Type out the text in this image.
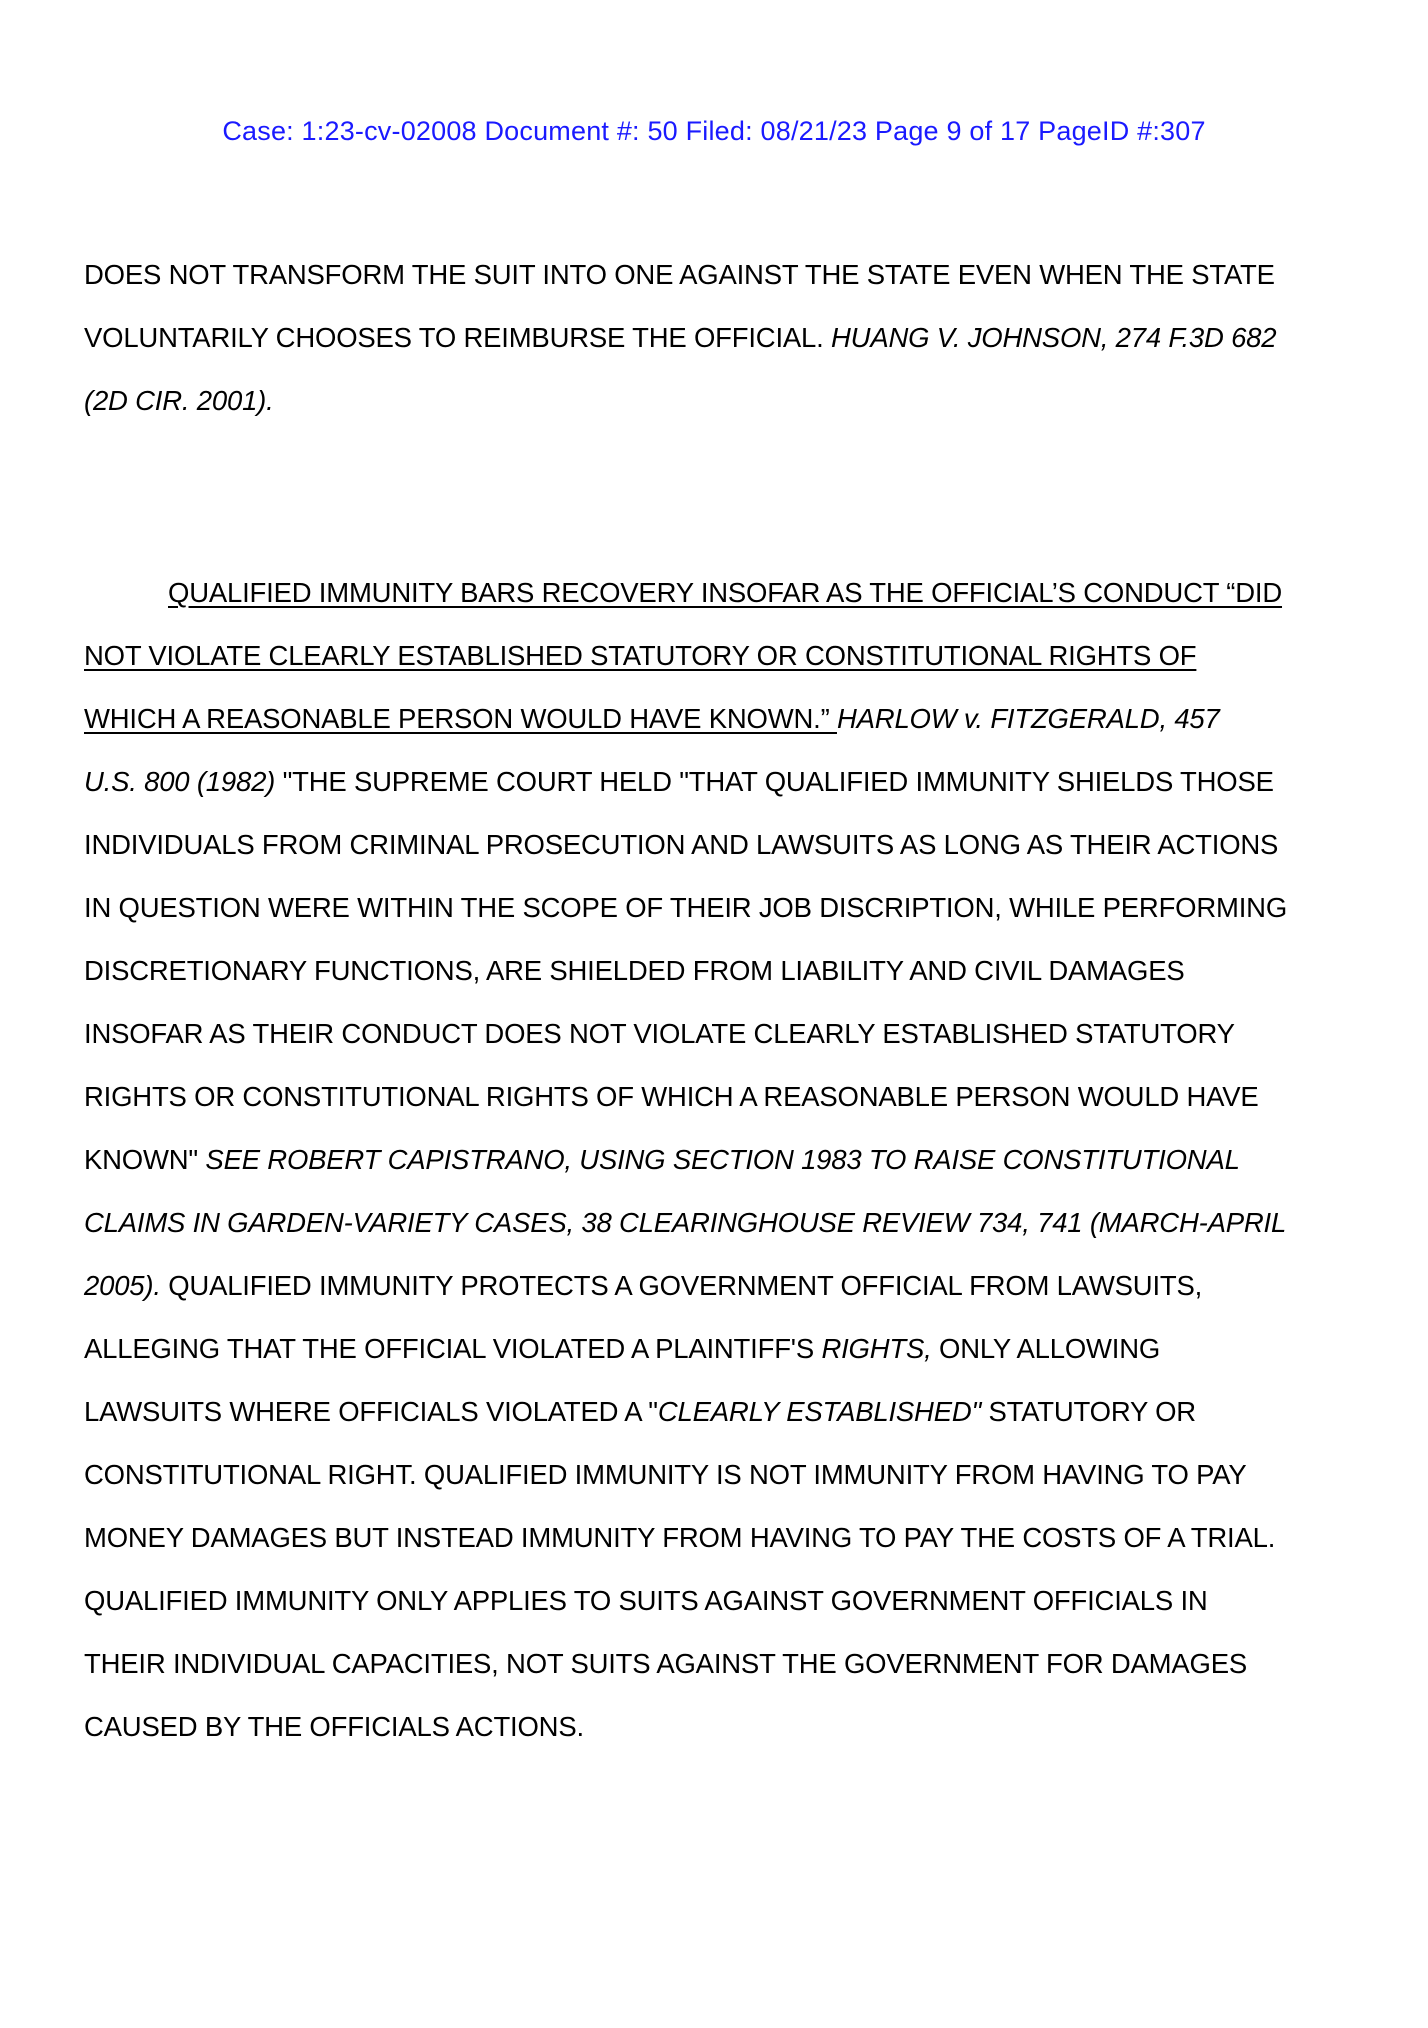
Case: 1:23-cv-02008 Document #: 50 Filed: 08/21/23 Page 9 of 17 PageID #:307
DOES NOT TRANSFORM THE SUIT INTO ONE AGAINST THE STATE EVEN WHEN THE STATE
VOLUNTARILY CHOOSES TO REIMBURSE THE OFFICIAL. HUANG V. JOHNSON, 274 F.3D 682
(2D CIR. 2001).
QUALIFIED IMMUNITY BARS RECOVERY INSOFAR AS THE OFFICIAL’S CONDUCT “DID
NOT VIOLATE CLEARLY ESTABLISHED STATUTORY OR CONSTITUTIONAL RIGHTS OF
WHICH A REASONABLE PERSON WOULD HAVE KNOWN.” HARLOW v. FITZGERALD, 457
U.S. 800 (1982) "THE SUPREME COURT HELD "THAT QUALIFIED IMMUNITY SHIELDS THOSE
INDIVIDUALS FROM CRIMINAL PROSECUTION AND LAWSUITS AS LONG AS THEIR ACTIONS
IN QUESTION WERE WITHIN THE SCOPE OF THEIR JOB DISCRIPTION, WHILE PERFORMING
DISCRETIONARY FUNCTIONS, ARE SHIELDED FROM LIABILITY AND CIVIL DAMAGES
INSOFAR AS THEIR CONDUCT DOES NOT VIOLATE CLEARLY ESTABLISHED STATUTORY
RIGHTS OR CONSTITUTIONAL RIGHTS OF WHICH A REASONABLE PERSON WOULD HAVE
KNOWN" SEE ROBERT CAPISTRANO, USING SECTION 1983 TO RAISE CONSTITUTIONAL
CLAIMS IN GARDEN-VARIETY CASES, 38 CLEARINGHOUSE REVIEW 734, 741 (MARCH-APRIL
2005). QUALIFIED IMMUNITY PROTECTS A GOVERNMENT OFFICIAL FROM LAWSUITS,
ALLEGING THAT THE OFFICIAL VIOLATED A PLAINTIFF'S RIGHTS, ONLY ALLOWING
LAWSUITS WHERE OFFICIALS VIOLATED A "CLEARLY ESTABLISHED" STATUTORY OR
CONSTITUTIONAL RIGHT. QUALIFIED IMMUNITY IS NOT IMMUNITY FROM HAVING TO PAY
MONEY DAMAGES BUT INSTEAD IMMUNITY FROM HAVING TO PAY THE COSTS OF A TRIAL.
QUALIFIED IMMUNITY ONLY APPLIES TO SUITS AGAINST GOVERNMENT OFFICIALS IN
THEIR INDIVIDUAL CAPACITIES, NOT SUITS AGAINST THE GOVERNMENT FOR DAMAGES
CAUSED BY THE OFFICIALS ACTIONS.
